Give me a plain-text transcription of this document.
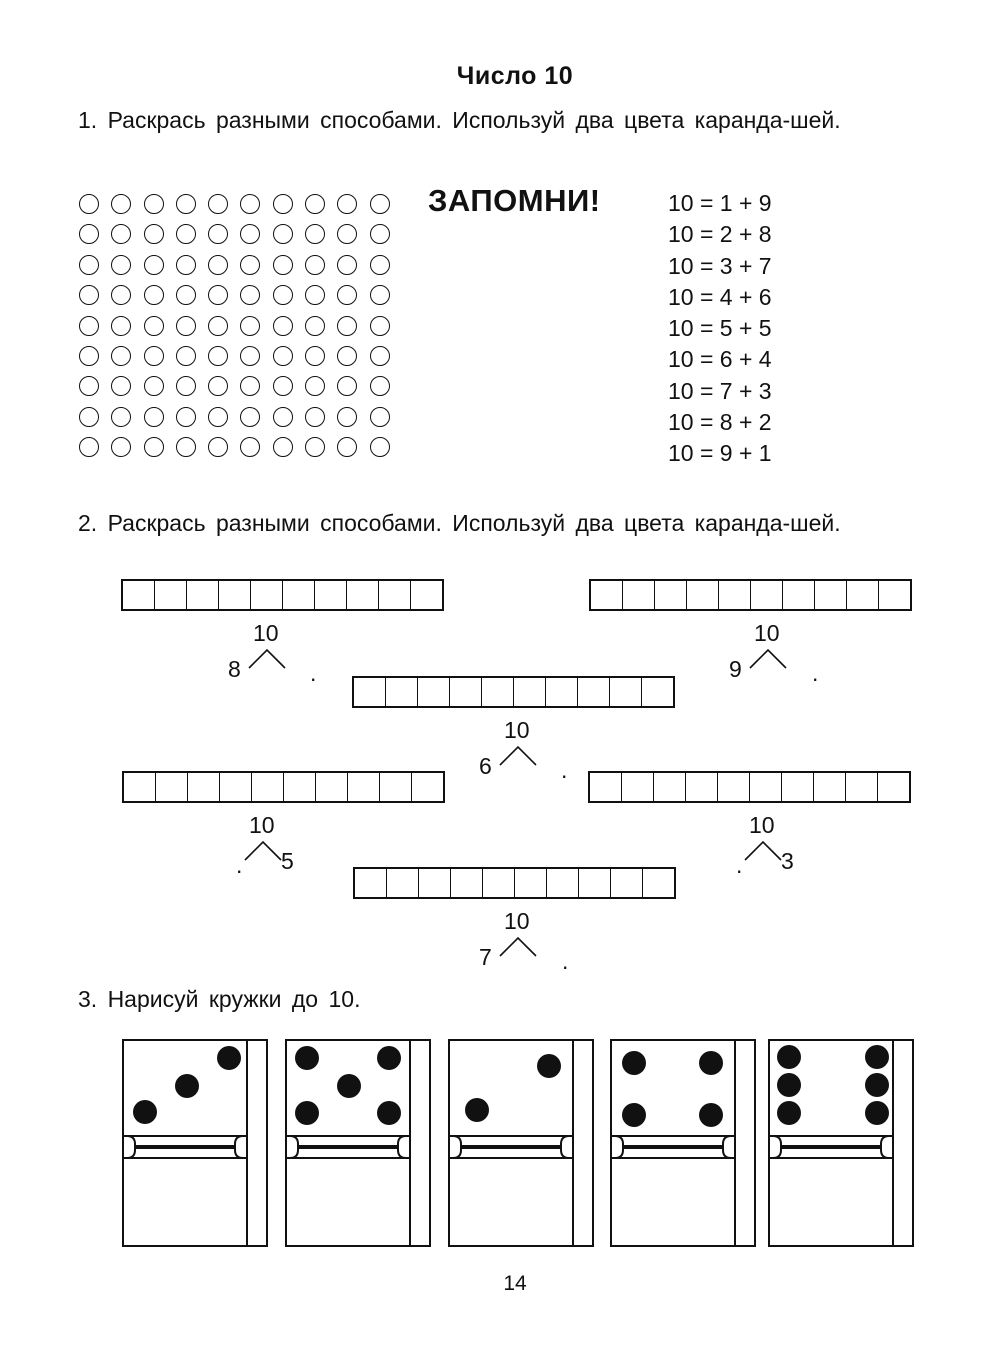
Число 10
1. Раскрась разными способами. Используй два цвета каранда-шей.
ЗАПОМНИ!	10 = 1 + 9
10 = 2 + 8
10 = 3 + 7
10 = 4 + 6
10 = 5 + 5
10 = 6 + 4
10 = 7 + 3
10 = 8 + 2
10 = 9 + 1
2. Раскрась разными способами. Используй два цвета каранда-шей.
10
8	.
10
9	.
10
6	.
10
. 5
10
. 3
10
7	.
3. Нарисуй кружки до 10.
14
